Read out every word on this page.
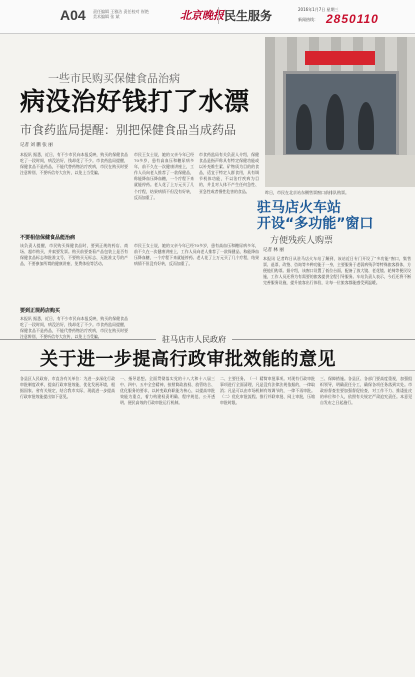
A04 责任编辑 王雅洁 责任校对 崔艳
美术编辑 张 斌	北京晚报 民生服务	2016年1月7日 星期三
新闻热线： 2850110
一些市民购买保健食品治病
病没治好钱打了水漂
市食药监局提醒：别把保健食品当成药品
记者 刘 鹏 张 丽
本报讯 据悉，近日，有不少市民向本报反映，购买的保健食品吃了一段时间，病没治好，钱却花了不少。市食药监局提醒，保健食品不是药品，不能代替药物治疗疾病，市民在购买时要注意辨别，不要听信夸大宣传，以免上当受骗。
市民王女士说，她的父亲今年已经70多岁，患有高血压和糖尿病多年，前不久在一次健康讲座上，工作人员向老人推荐了一款保健品，称能降血压降血糖，一个疗程下来就能停药。老人花了上万元买了几个疗程，结果病情不但没有好转，反而加重了。
市食药监局有关负责人介绍，保健食品是指声称具有特定保健功能或以补充维生素、矿物质为目的的食品，适宜于特定人群食用，具有调节机体功能，不以治疗疾病为目的，并且对人体不产生任何急性、亚急性或者慢性危害的食品。
不要相信保健食品能治病
该负责人提醒，市民购买保健食品时，要到正规的药店、商场、超市购买，并索要发票。购买前要查看产品包装上是否有保健食品标志和批准文号，不要购买无标志、无批准文号的产品，不要参加所谓的健康讲座、免费体检等活动。
要到正规药店购买
市民王女士说，她的父亲今年已经70多岁，患有高血压和糖尿病多年，前不久在一次健康讲座上，工作人员向老人推荐了一款保健品，称能降血压降血糖，一个疗程下来就能停药。老人花了上万元买了几个疗程，结果病情不但没有好转，反而加重了。
本报讯 据悉，近日，有不少市民向本报反映，购买的保健食品吃了一段时间，病没治好，钱却花了不少。市食药监局提醒，保健食品不是药品，不能代替药物治疗疾病，市民在购买时要注意辨别，不要听信夸大宣传，以免上当受骗。
昨日，市民在北京站东侧售票窗口前排队购票。
驻马店火车站
开设“多功能”窗口
方便残疾人购票
记者 林 丽
本报讯 记者昨日从驻马店火车站了解到，该站近日专门开设了“多功能”窗口，集售票、退票、改签、咨询等多种功能于一身，主要服务于老弱病残孕等特殊旅客群体，方便他们购票。据介绍，该窗口设置了低位台面，配备了放大镜、老花镜、轮椅等便民设施，工作人员还将为有需要的旅客提供全程引导服务。车站负责人表示，今后还将不断完善服务设施，提升旅客出行体验，让每一位旅客都能感受到温暖。
驻马店市人民政府
关于进一步提高行政审批效能的意见
各县区人民政府，市直各有关单位：为进一步深化行政审批制度改革，提高行政审批效能，优化发展环境，根据国家、省有关规定，结合我市实际，现就进一步提高行政审批效能提出如下意见。
一、指导思想。全面贯彻落实党的十八大和十八届三中、四中、五中全会精神，按照简政放权、放管结合、优化服务的要求，以转变政府职能为核心，以提高审批效能为重点，着力构建权责明确、程序规范、公开透明、便民高效的行政审批运行机制。
二、主要任务。（一）精简审批事项。对现有行政审批事项进行全面清理，凡是没有法律法规依据的，一律取消；凡是可以由市场机制有效调节的，一律不再审批。（二）优化审批流程。推行并联审批、网上审批，压缩审批时限。
三、保障措施。各县区、各部门要高度重视，加强组织领导，明确责任分工，确保各项任务落到实处。市政府督查室要加强督促检查，对工作不力、推诿扯皮的单位和个人，依照有关规定严肃追究责任。本意见自发布之日起施行。
